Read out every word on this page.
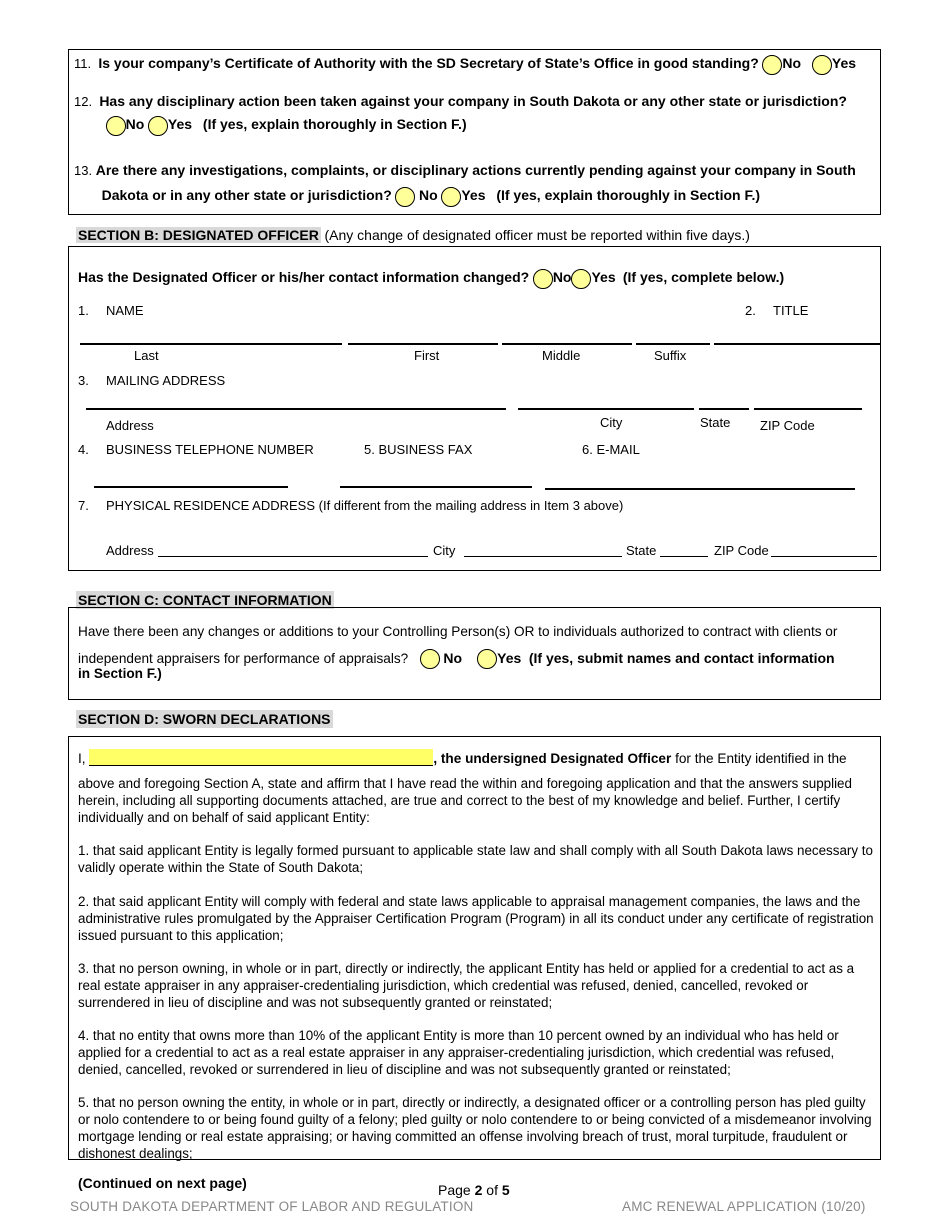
11. Is your company’s Certificate of Authority with the SD Secretary of State’s Office in good standing? No Yes
12. Has any disciplinary action been taken against your company in South Dakota or any other state or jurisdiction?
No Yes (If yes, explain thoroughly in Section F.)
13. Are there any investigations, complaints, or disciplinary actions currently pending against your company in South
Dakota or in any other state or jurisdiction? No Yes (If yes, explain thoroughly in Section F.)
SECTION B: DESIGNATED OFFICER (Any change of designated officer must be reported within five days.)
Has the Designated Officer or his/her contact information changed? No Yes (If yes, complete below.)
1. NAME	2. TITLE
Last	First	Middle	Suffix
3. MAILING ADDRESS
Address	City	State ZIP Code
4. BUSINESS TELEPHONE NUMBER	5. BUSINESS FAX	6. E-MAIL
7. PHYSICAL RESIDENCE ADDRESS (If different from the mailing address in Item 3 above)
Address	City	State	ZIP Code
SECTION C: CONTACT INFORMATION
Have there been any changes or additions to your Controlling Person(s) OR to individuals authorized to contract with clients or
independent appraisers for performance of appraisals?	No	Yes (If yes, submit names and contact information
in Section F.)
SECTION D: SWORN DECLARATIONS
I,	, the undersigned Designated Officer for the Entity identified in the
above and foregoing Section A, state and affirm that I have read the within and foregoing application and that the answers supplied herein, including all supporting documents attached, are true and correct to the best of my knowledge and belief. Further, I certify individually and on behalf of said applicant Entity:
1. that said applicant Entity is legally formed pursuant to applicable state law and shall comply with all South Dakota laws necessary to validly operate within the State of South Dakota;
2. that said applicant Entity will comply with federal and state laws applicable to appraisal management companies, the laws and the administrative rules promulgated by the Appraiser Certification Program (Program) in all its conduct under any certificate of registration issued pursuant to this application;
3. that no person owning, in whole or in part, directly or indirectly, the applicant Entity has held or applied for a credential to act as a real estate appraiser in any appraiser-credentialing jurisdiction, which credential was refused, denied, cancelled, revoked or surrendered in lieu of discipline and was not subsequently granted or reinstated;
4. that no entity that owns more than 10% of the applicant Entity is more than 10 percent owned by an individual who has held or applied for a credential to act as a real estate appraiser in any appraiser-credentialing jurisdiction, which credential was refused, denied, cancelled, revoked or surrendered in lieu of discipline and was not subsequently granted or reinstated;
5. that no person owning the entity, in whole or in part, directly or indirectly, a designated officer or a controlling person has pled guilty or nolo contendere to or being found guilty of a felony; pled guilty or nolo contendere to or being convicted of a misdemeanor involving mortgage lending or real estate appraising; or having committed an offense involving breach of trust, moral turpitude, fraudulent or dishonest dealings;
(Continued on next page)	Page 2 of 5
SOUTH DAKOTA DEPARTMENT OF LABOR AND REGULATION	AMC RENEWAL APPLICATION (10/20)
